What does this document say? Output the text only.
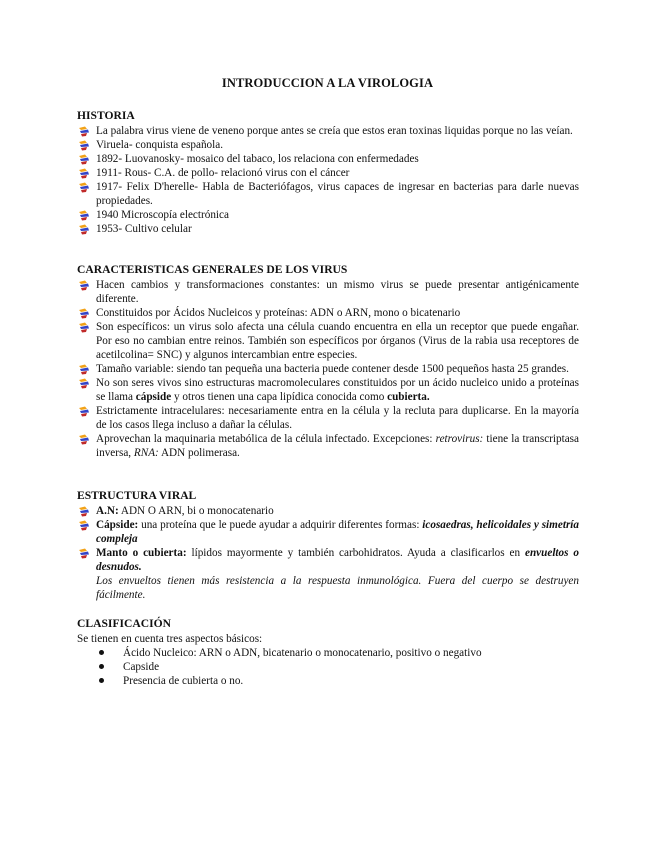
INTRODUCCION A LA VIROLOGIA
HISTORIA
La palabra virus viene de veneno porque antes se creía que estos eran toxinas liquidas porque no las veían.
Viruela- conquista española.
1892- Luovanosky- mosaico del tabaco, los relaciona con enfermedades
1911- Rous- C.A. de pollo- relacionó virus con el cáncer
1917- Felix D'herelle- Habla de Bacteriófagos, virus capaces de ingresar en bacterias para darle nuevas propiedades.
1940 Microscopía electrónica
1953- Cultivo celular
CARACTERISTICAS GENERALES DE LOS VIRUS
Hacen cambios y transformaciones constantes: un mismo virus se puede presentar antigénicamente diferente.
Constituidos por Ácidos Nucleicos y proteínas: ADN o ARN, mono o bicatenario
Son específicos: un virus solo afecta una célula cuando encuentra en ella un receptor que puede engañar. Por eso no cambian entre reinos. También son específicos por órganos (Virus de la rabia usa receptores de acetilcolina= SNC) y algunos intercambian entre especies.
Tamaño variable: siendo tan pequeña una bacteria puede contener desde 1500 pequeños hasta 25 grandes.
No son seres vivos sino estructuras macromoleculares constituidos por un ácido nucleico unido a proteínas se llama cápside y otros tienen una capa lipídica conocida como cubierta.
Estrictamente intracelulares: necesariamente entra en la célula y la recluta para duplicarse. En la mayoría de los casos llega incluso a dañar la células.
Aprovechan la maquinaria metabólica de la célula infectado. Excepciones: retrovirus: tiene la transcriptasa inversa, RNA: ADN polimerasa.
ESTRUCTURA VIRAL
A.N: ADN O ARN, bi o monocatenario
Cápside: una proteína que le puede ayudar a adquirir diferentes formas: icosaedras, helicoidales y simetría compleja
Manto o cubierta: lípidos mayormente y también carbohidratos. Ayuda a clasificarlos en envueltos o desnudos.
Los envueltos tienen más resistencia a la respuesta inmunológica. Fuera del cuerpo se destruyen fácilmente.
CLASIFICACIÓN
Se tienen en cuenta tres aspectos básicos:
Ácido Nucleico: ARN o ADN, bicatenario o monocatenario, positivo o negativo
Capside
Presencia de cubierta o no.
